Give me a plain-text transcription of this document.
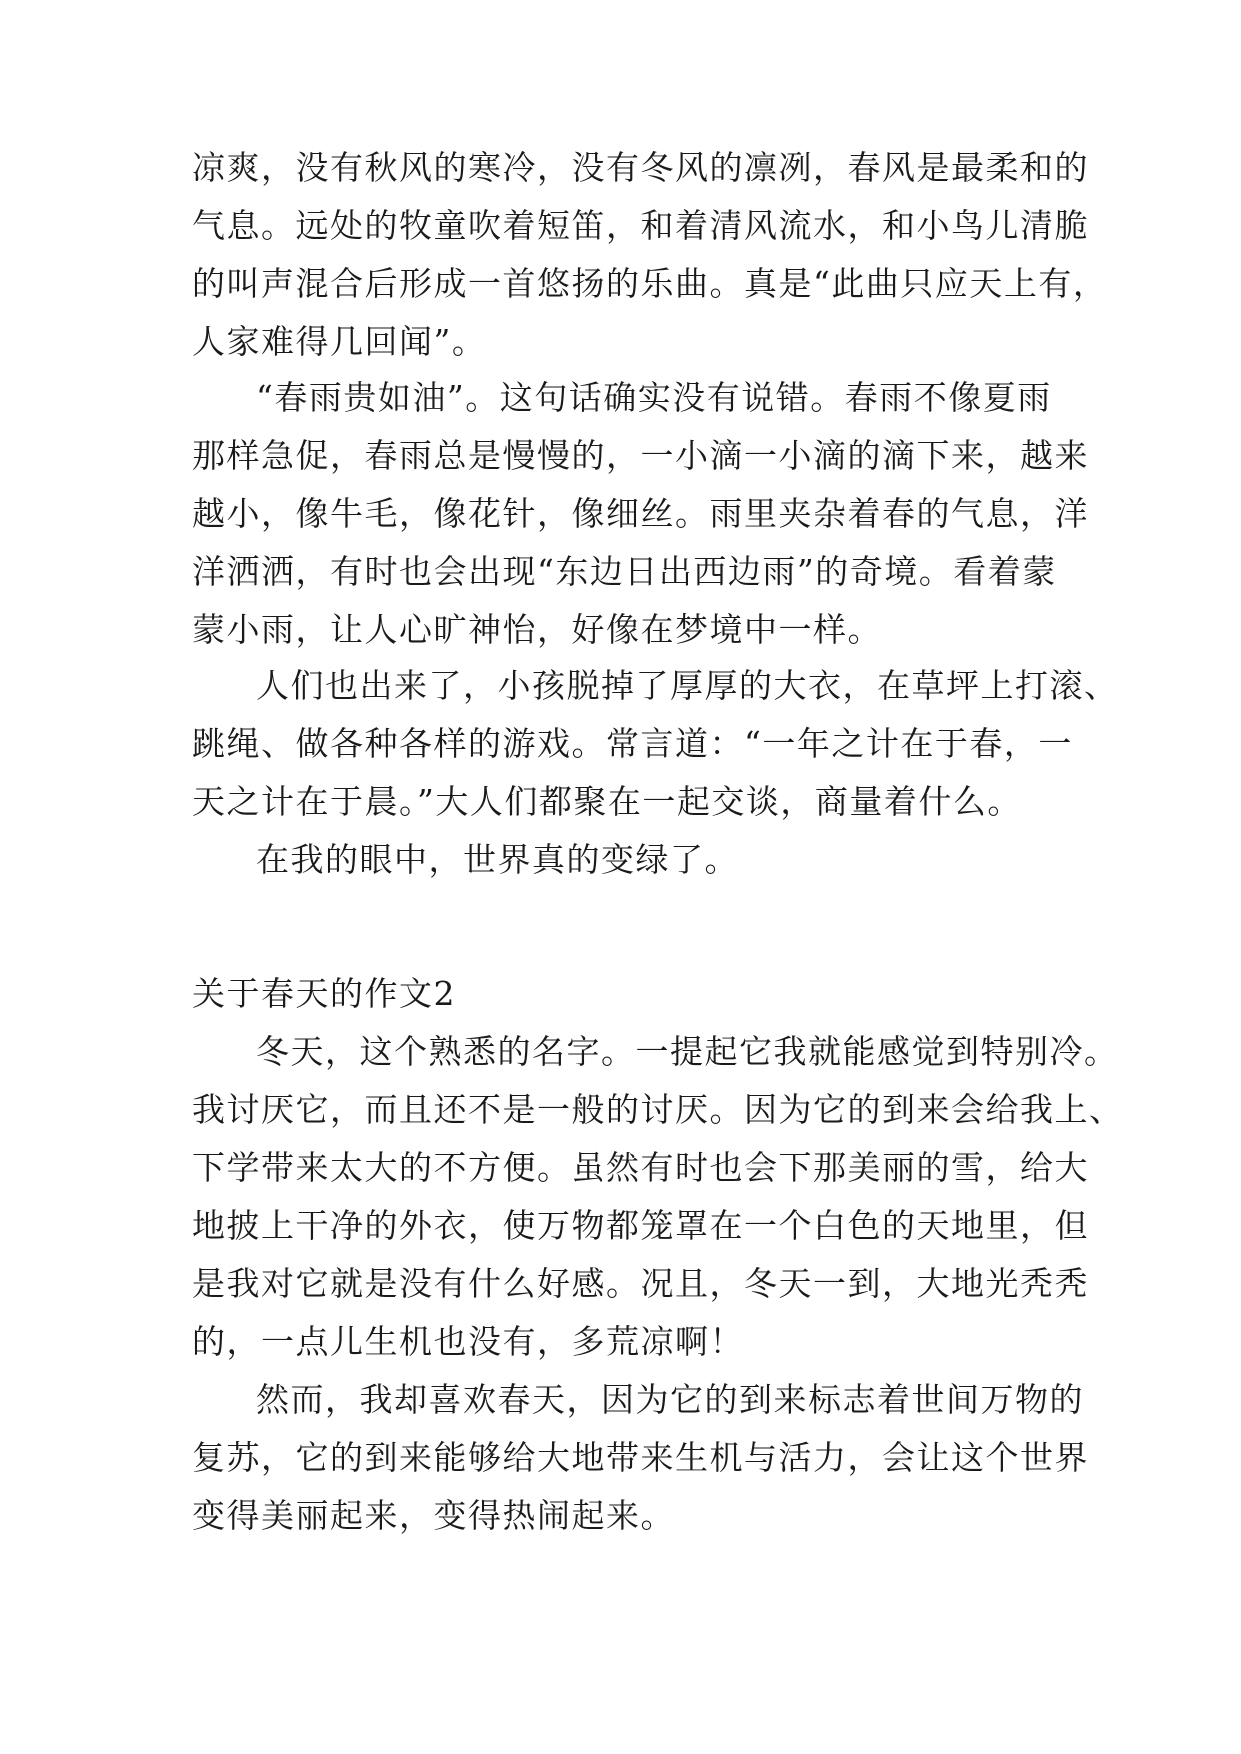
凉爽，没有秋风的寒冷，没有冬风的凛冽，春风是最柔和的
气息。远处的牧童吹着短笛，和着清风流水，和小鸟儿清脆
的叫声混合后形成一首悠扬的乐曲。真是“此曲只应天上有，
人家难得几回闻”。
“春雨贵如油”。这句话确实没有说错。春雨不像夏雨
那样急促，春雨总是慢慢的，一小滴一小滴的滴下来，越来
越小，像牛毛，像花针，像细丝。雨里夹杂着春的气息，洋
洋洒洒，有时也会出现“东边日出西边雨”的奇境。看着蒙
蒙小雨，让人心旷神怡，好像在梦境中一样。
人们也出来了，小孩脱掉了厚厚的大衣，在草坪上打滚、
跳绳、做各种各样的游戏。常言道：“一年之计在于春，一
天之计在于晨。”大人们都聚在一起交谈，商量着什么。
在我的眼中，世界真的变绿了。
关于春天的作文2
冬天，这个熟悉的名字。一提起它我就能感觉到特别冷。
我讨厌它，而且还不是一般的讨厌。因为它的到来会给我上、
下学带来太大的不方便。虽然有时也会下那美丽的雪，给大
地披上干净的外衣，使万物都笼罩在一个白色的天地里，但
是我对它就是没有什么好感。况且，冬天一到，大地光秃秃
的，一点儿生机也没有，多荒凉啊！
然而，我却喜欢春天，因为它的到来标志着世间万物的
复苏，它的到来能够给大地带来生机与活力，会让这个世界
变得美丽起来，变得热闹起来。
